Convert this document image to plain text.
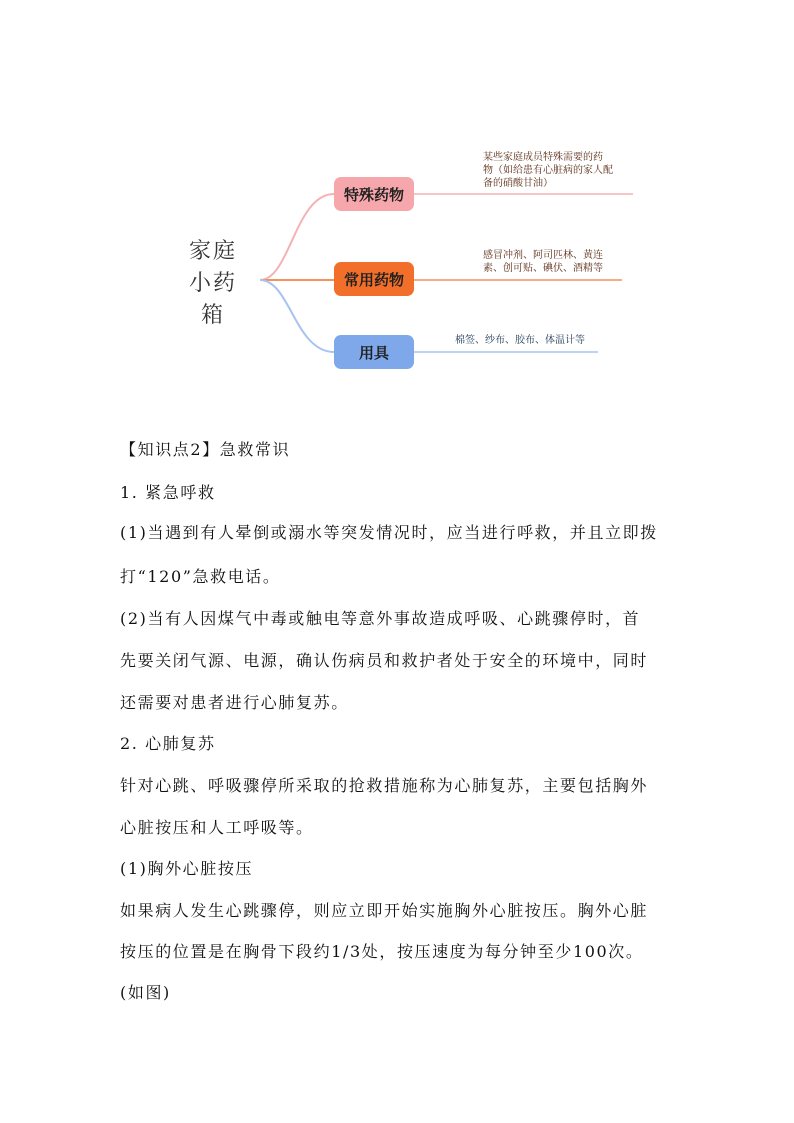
家庭
小药
箱
特殊药物
某些家庭成员特殊需要的药
物（如给患有心脏病的家人配
备的硝酸甘油）
常用药物
感冒冲剂、阿司匹林、黄连
素、创可贴、碘伏、酒精等
用具
棉签、纱布、胶布、体温计等
【知识点2】急救常识
1. 紧急呼救
(1)当遇到有人晕倒或溺水等突发情况时，应当进行呼救，并且立即拨
打“120”急救电话。
(2)当有人因煤气中毒或触电等意外事故造成呼吸、心跳骤停时，首
先要关闭气源、电源，确认伤病员和救护者处于安全的环境中，同时
还需要对患者进行心肺复苏。
2. 心肺复苏
针对心跳、呼吸骤停所采取的抢救措施称为心肺复苏，主要包括胸外
心脏按压和人工呼吸等。
(1)胸外心脏按压
如果病人发生心跳骤停，则应立即开始实施胸外心脏按压。胸外心脏
按压的位置是在胸骨下段约1/3处，按压速度为每分钟至少100次。
(如图)
